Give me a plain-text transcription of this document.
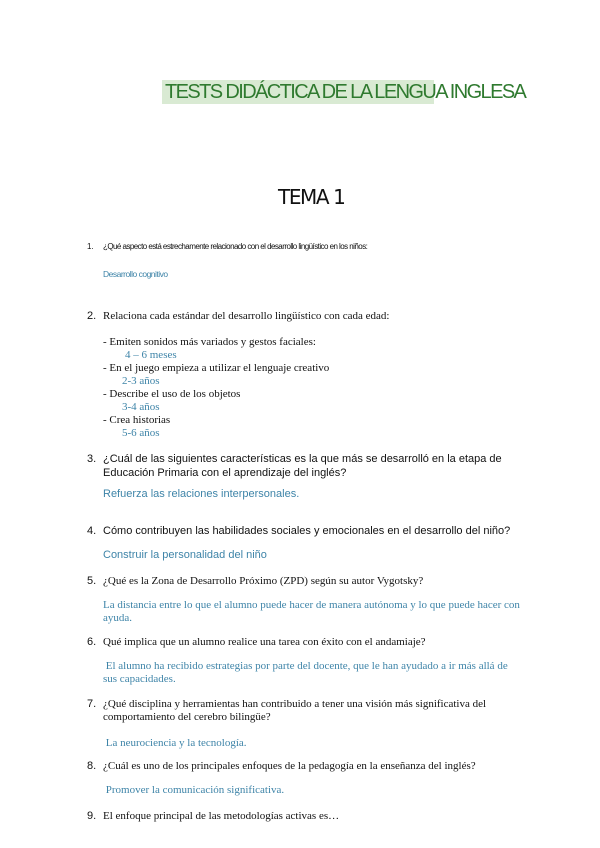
TESTS DIDÁCTICA DE LA LENGUA INGLESA
TEMA 1
1. ¿Qué aspecto está estrechamente relacionado con el desarrollo lingüístico en los niños:
Desarrollo cognitivo
2. Relaciona cada estándar del desarrollo lingüístico con cada edad:
- Emiten sonidos más variados y gestos faciales:
4 – 6 meses
- En el juego empieza a utilizar el lenguaje creativo
2-3 años
- Describe el uso de los objetos
3-4 años
- Crea historias
5-6 años
3. ¿Cuál de las siguientes características es la que más se desarrolló en la etapa de
Educación Primaria con el aprendizaje del inglés?
Refuerza las relaciones interpersonales.
4. Cómo contribuyen las habilidades sociales y emocionales en el desarrollo del niño?
Construir la personalidad del niño
5. ¿Qué es la Zona de Desarrollo Próximo (ZPD) según su autor Vygotsky?
La distancia entre lo que el alumno puede hacer de manera autónoma y lo que puede hacer con
ayuda.
6. Qué implica que un alumno realice una tarea con éxito con el andamiaje?
El alumno ha recibido estrategias por parte del docente, que le han ayudado a ir más allá de
sus capacidades.
7. ¿Qué disciplina y herramientas han contribuido a tener una visión más significativa del
comportamiento del cerebro bilingüe?
La neurociencia y la tecnología.
8. ¿Cuál es uno de los principales enfoques de la pedagogía en la enseñanza del inglés?
Promover la comunicación significativa.
9. El enfoque principal de las metodologías activas es…
